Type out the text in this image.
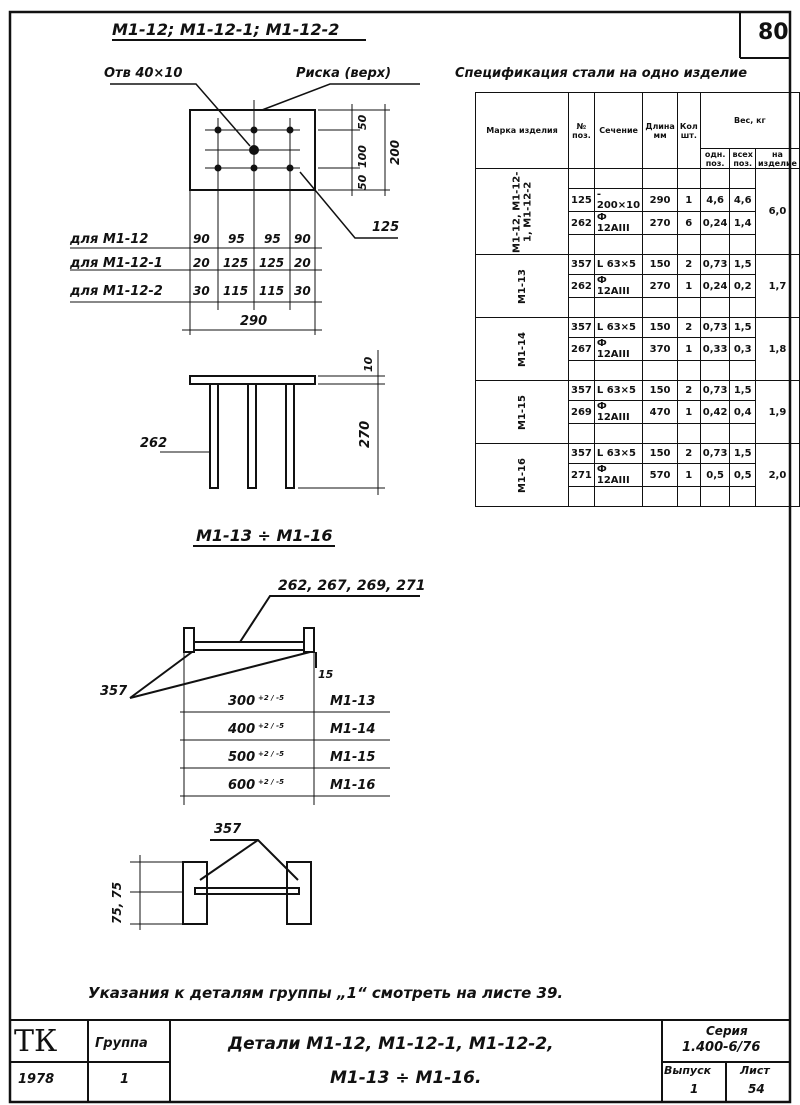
80
М1-12; М1-12-1; М1-12-2
Отв 40×10	Риска (верх)
50
100
50
200
125
для М1-12	90 95 95 90
для М1-12-1	20 125 125 20
для М1-12-2	30 115 115 30
290
10
270
262
М1-13 ÷ М1-16
262, 267, 269, 271
357
15
300 +2 / -5	М1-13
400 +2 / -5	М1-14
500 +2 / -5	М1-15
600 +2 / -5	М1-16
357
75, 75
Указания к деталям группы „1“ смотреть на листе 39.
Спецификация стали на одно изделие
Марка изделия	№ поз.	Сечение	Длина мм	Кол шт.	Вес, кг		
					одн. поз.	всех поз.	на изделие
М1-12, М1-12-1, М1-12-2							6,0
	125	- 200×10	290	1	4,6	4,6	
	262	Ф 12АIII	270	6	0,24	1,4	

М1-13	357	L 63×5	150	2	0,73	1,5	1,7
	262	Ф 12АIII	270	1	0,24	0,2	

М1-14	357	L 63×5	150	2	0,73	1,5	1,8
	267	Ф 12АIII	370	1	0,33	0,3	

М1-15	357	L 63×5	150	2	0,73	1,5	1,9
	269	Ф 12АIII	470	1	0,42	0,4	

М1-16	357	L 63×5	150	2	0,73	1,5	2,0
	271	Ф 12АIII	570	1	0,5	0,5	

ТК
1978
Группа
1
Детали М1-12, М1-12-1, М1-12-2,
М1-13 ÷ М1-16.
Серия
1.400-6/76
Выпуск
1
Лист
54
